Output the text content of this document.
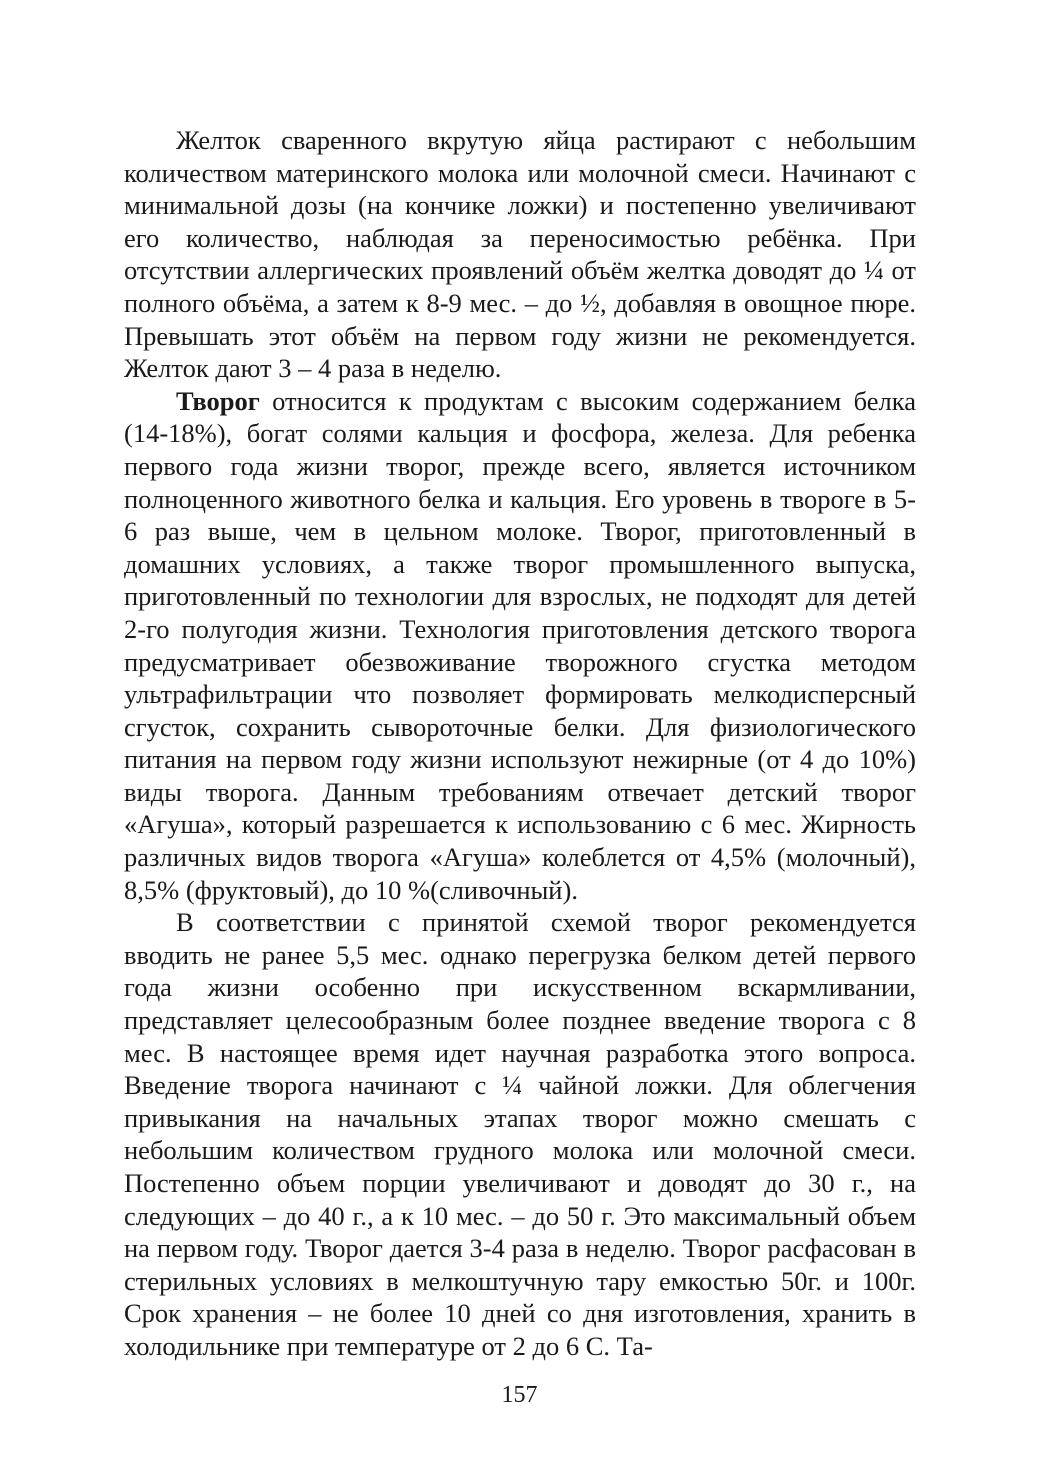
Желток сваренного вкрутую яйца растирают с небольшим количеством материнского молока или молочной смеси. Начинают с минимальной дозы (на кончике ложки) и постепенно увеличивают его количество, наблюдая за переносимостью ребёнка. При отсутствии аллергических проявлений объём желтка доводят до ¼ от полного объёма, а затем к 8-9 мес. – до ½, добавляя в овощное пюре. Превышать этот объём на первом году жизни не рекомендуется. Желток дают 3 – 4 раза в неделю.

Творог относится к продуктам с высоким содержанием белка (14-18%), богат солями кальция и фосфора, железа. Для ребенка первого года жизни творог, прежде всего, является источником полноценного животного белка и кальция. Его уровень в твороге в 5-6 раз выше, чем в цельном молоке. Творог, приготовленный в домашних условиях, а также творог промышленного выпуска, приготовленный по технологии для взрослых, не подходят для детей 2-го полугодия жизни. Технология приготовления детского творога предусматривает обезвоживание творожного сгустка методом ультрафильтрации что позволяет формировать мелкодисперсный сгусток, сохранить сывороточные белки. Для физиологического питания на первом году жизни используют нежирные (от 4 до 10%) виды творога. Данным требованиям отвечает детский творог «Агуша», который разрешается к использованию с 6 мес. Жирность различных видов творога «Агуша» колеблется от 4,5% (молочный), 8,5% (фруктовый), до 10 %(сливочный).

В соответствии с принятой схемой творог рекомендуется вводить не ранее 5,5 мес. однако перегрузка белком детей первого года жизни особенно при искусственном вскармливании, представляет целесообразным более позднее введение творога с 8 мес. В настоящее время идет научная разработка этого вопроса. Введение творога начинают с ¼ чайной ложки. Для облегчения привыкания на начальных этапах творог можно смешать с небольшим количеством грудного молока или молочной смеси. Постепенно объем порции увеличивают и доводят до 30 г., на следующих – до 40 г., а к 10 мес. – до 50 г. Это максимальный объем на первом году. Творог дается 3-4 раза в неделю. Творог расфасован в стерильных условиях в мелкоштучную тару емкостью 50г. и 100г. Срок хранения – не более 10 дней со дня изготовления, хранить в холодильнике при температуре от 2 до 6 С. Та-

157
